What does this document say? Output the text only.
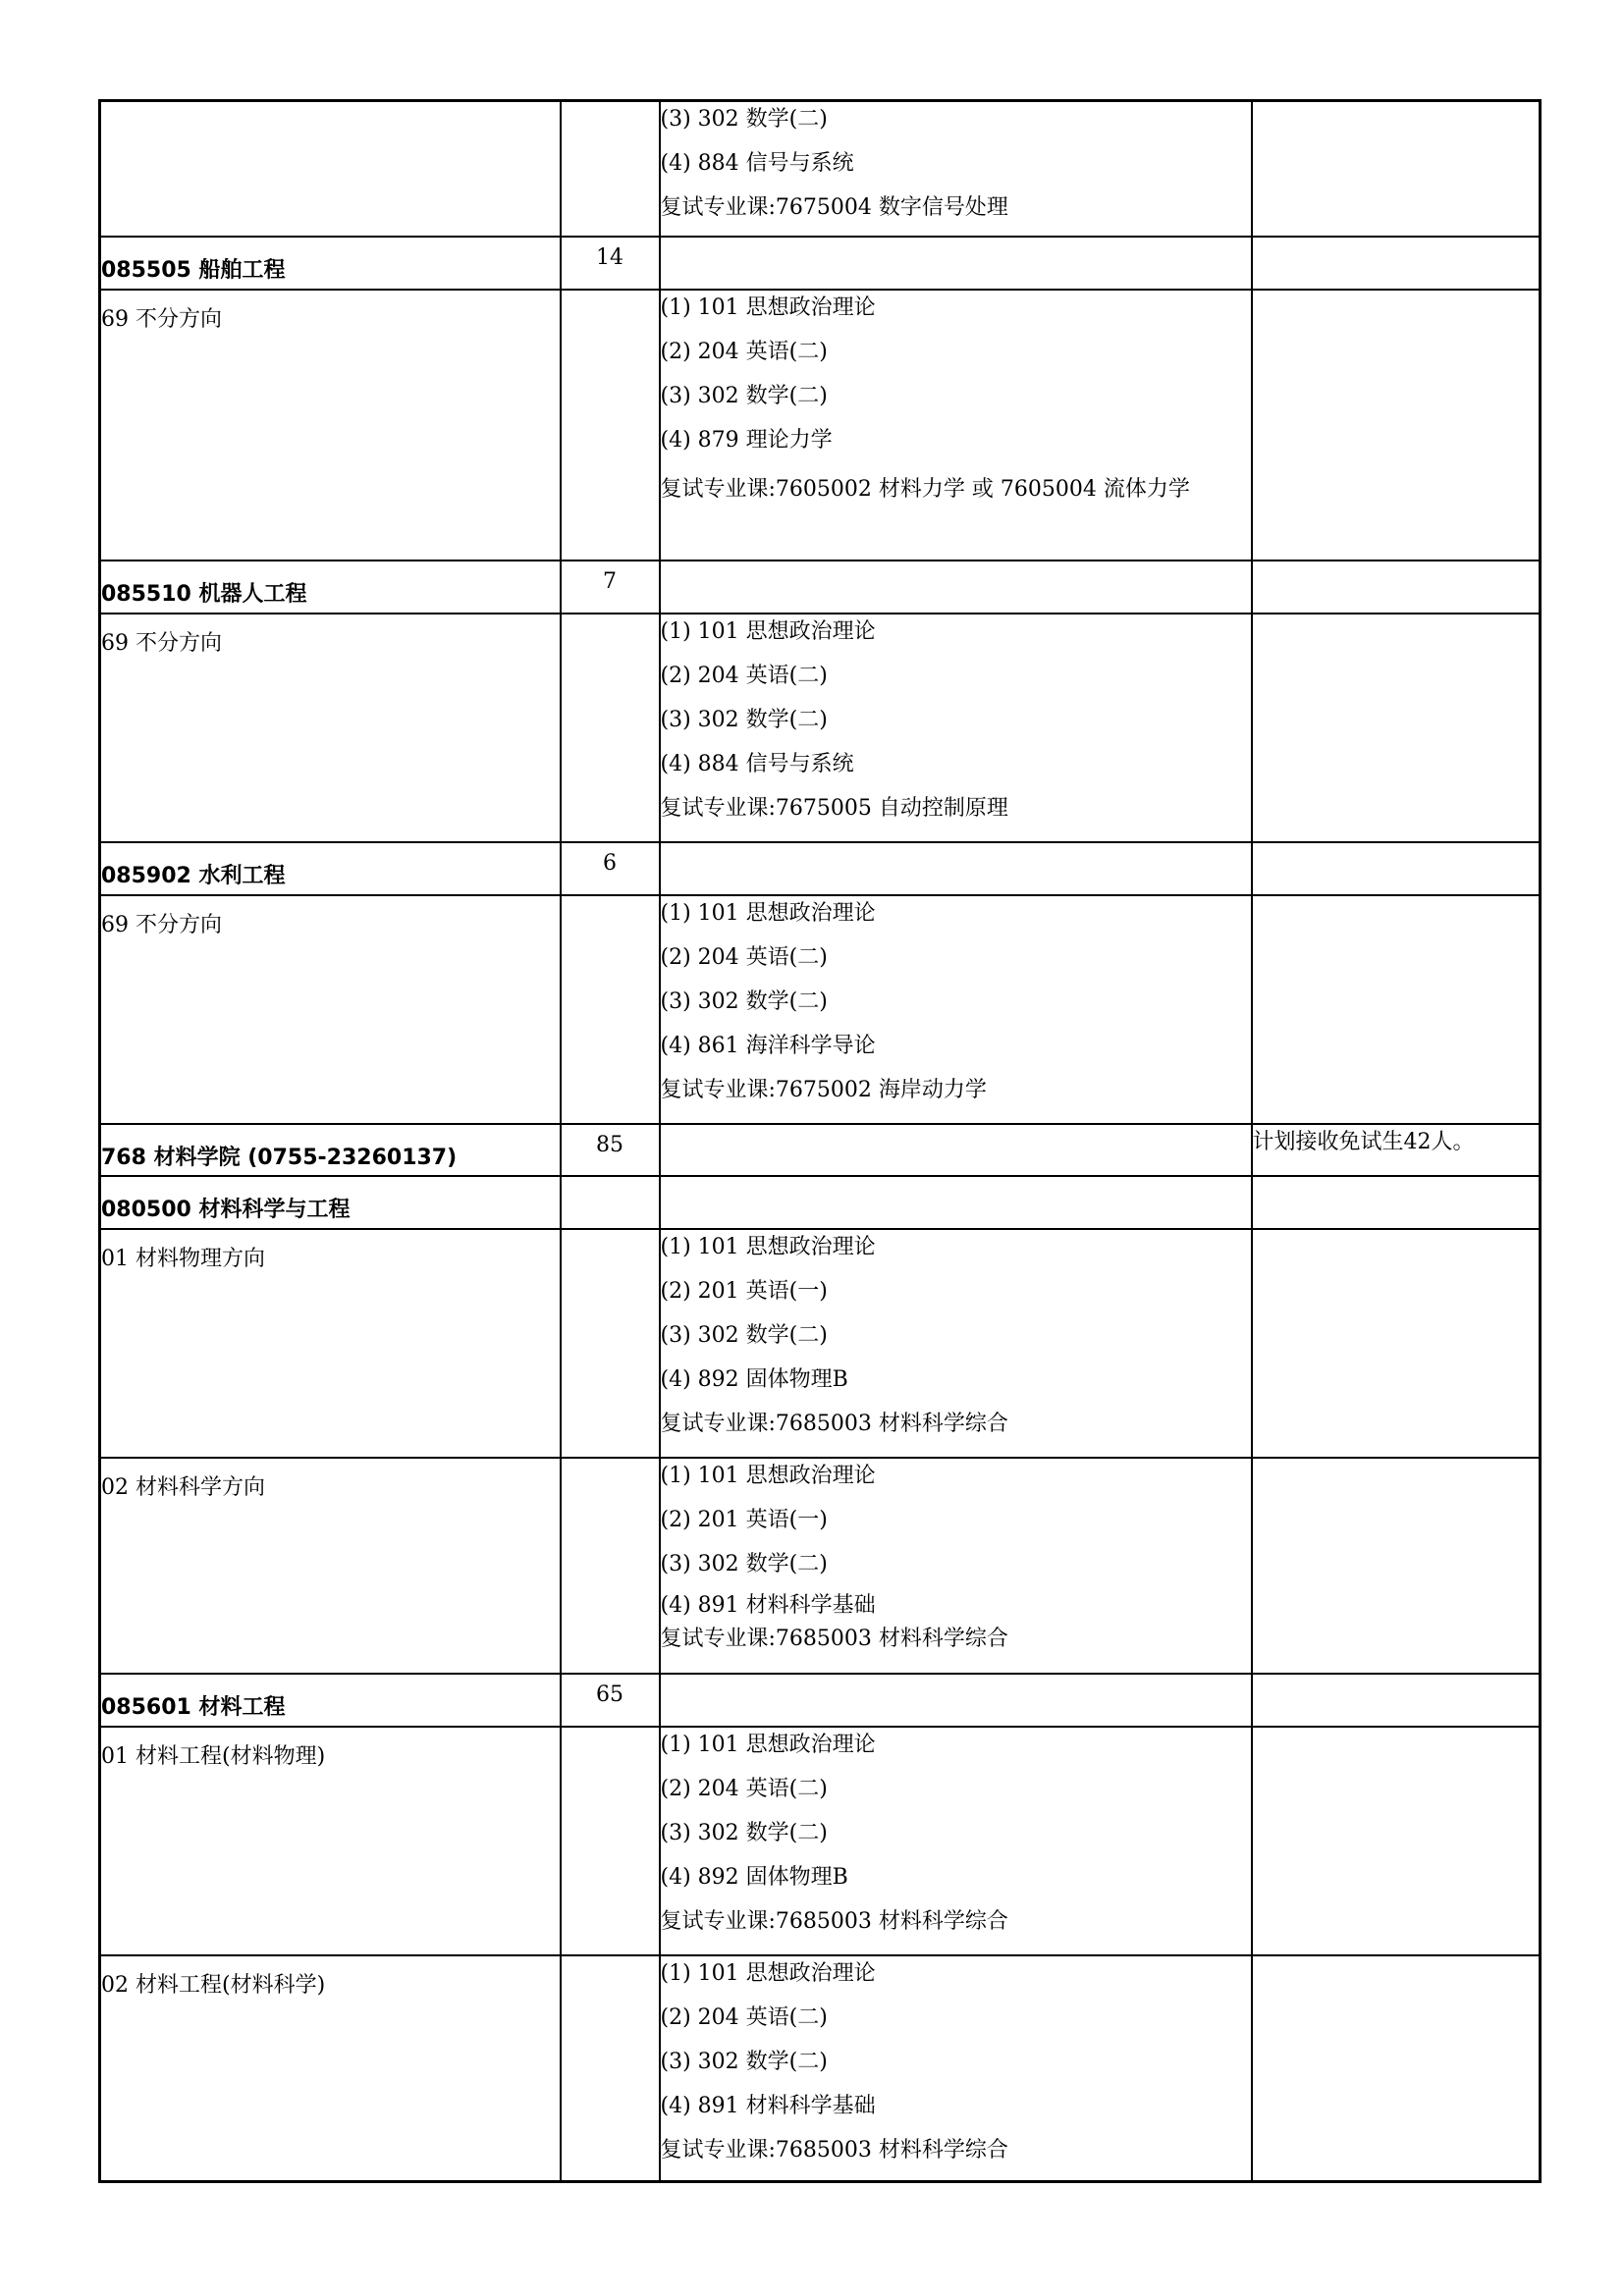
		(3) 302 数学(二)
(4) 884 信号与系统
复试专业课:7675004 数字信号处理	

085505 船舶工程	14		
69 不分方向		(1) 101 思想政治理论
(2) 204 英语(二)
(3) 302 数学(二)
(4) 879 理论力学
复试专业课:7605002 材料力学 或 7605004 流体力学	

085510 机器人工程	7		
69 不分方向		(1) 101 思想政治理论
(2) 204 英语(二)
(3) 302 数学(二)
(4) 884 信号与系统
复试专业课:7675005 自动控制原理	

085902 水利工程	6		
69 不分方向		(1) 101 思想政治理论
(2) 204 英语(二)
(3) 302 数学(二)
(4) 861 海洋科学导论
复试专业课:7675002 海岸动力学	

768 材料学院 (0755-23260137)	85		计划接收免试生42人。
080500 材料科学与工程			
01 材料物理方向		(1) 101 思想政治理论
(2) 201 英语(一)
(3) 302 数学(二)
(4) 892 固体物理B
复试专业课:7685003 材料科学综合	

02 材料科学方向		(1) 101 思想政治理论
(2) 201 英语(一)
(3) 302 数学(二)
(4) 891 材料科学基础
复试专业课:7685003 材料科学综合	

085601 材料工程	65		
01 材料工程(材料物理)		(1) 101 思想政治理论
(2) 204 英语(二)
(3) 302 数学(二)
(4) 892 固体物理B
复试专业课:7685003 材料科学综合	

02 材料工程(材料科学)		(1) 101 思想政治理论
(2) 204 英语(二)
(3) 302 数学(二)
(4) 891 材料科学基础
复试专业课:7685003 材料科学综合	
